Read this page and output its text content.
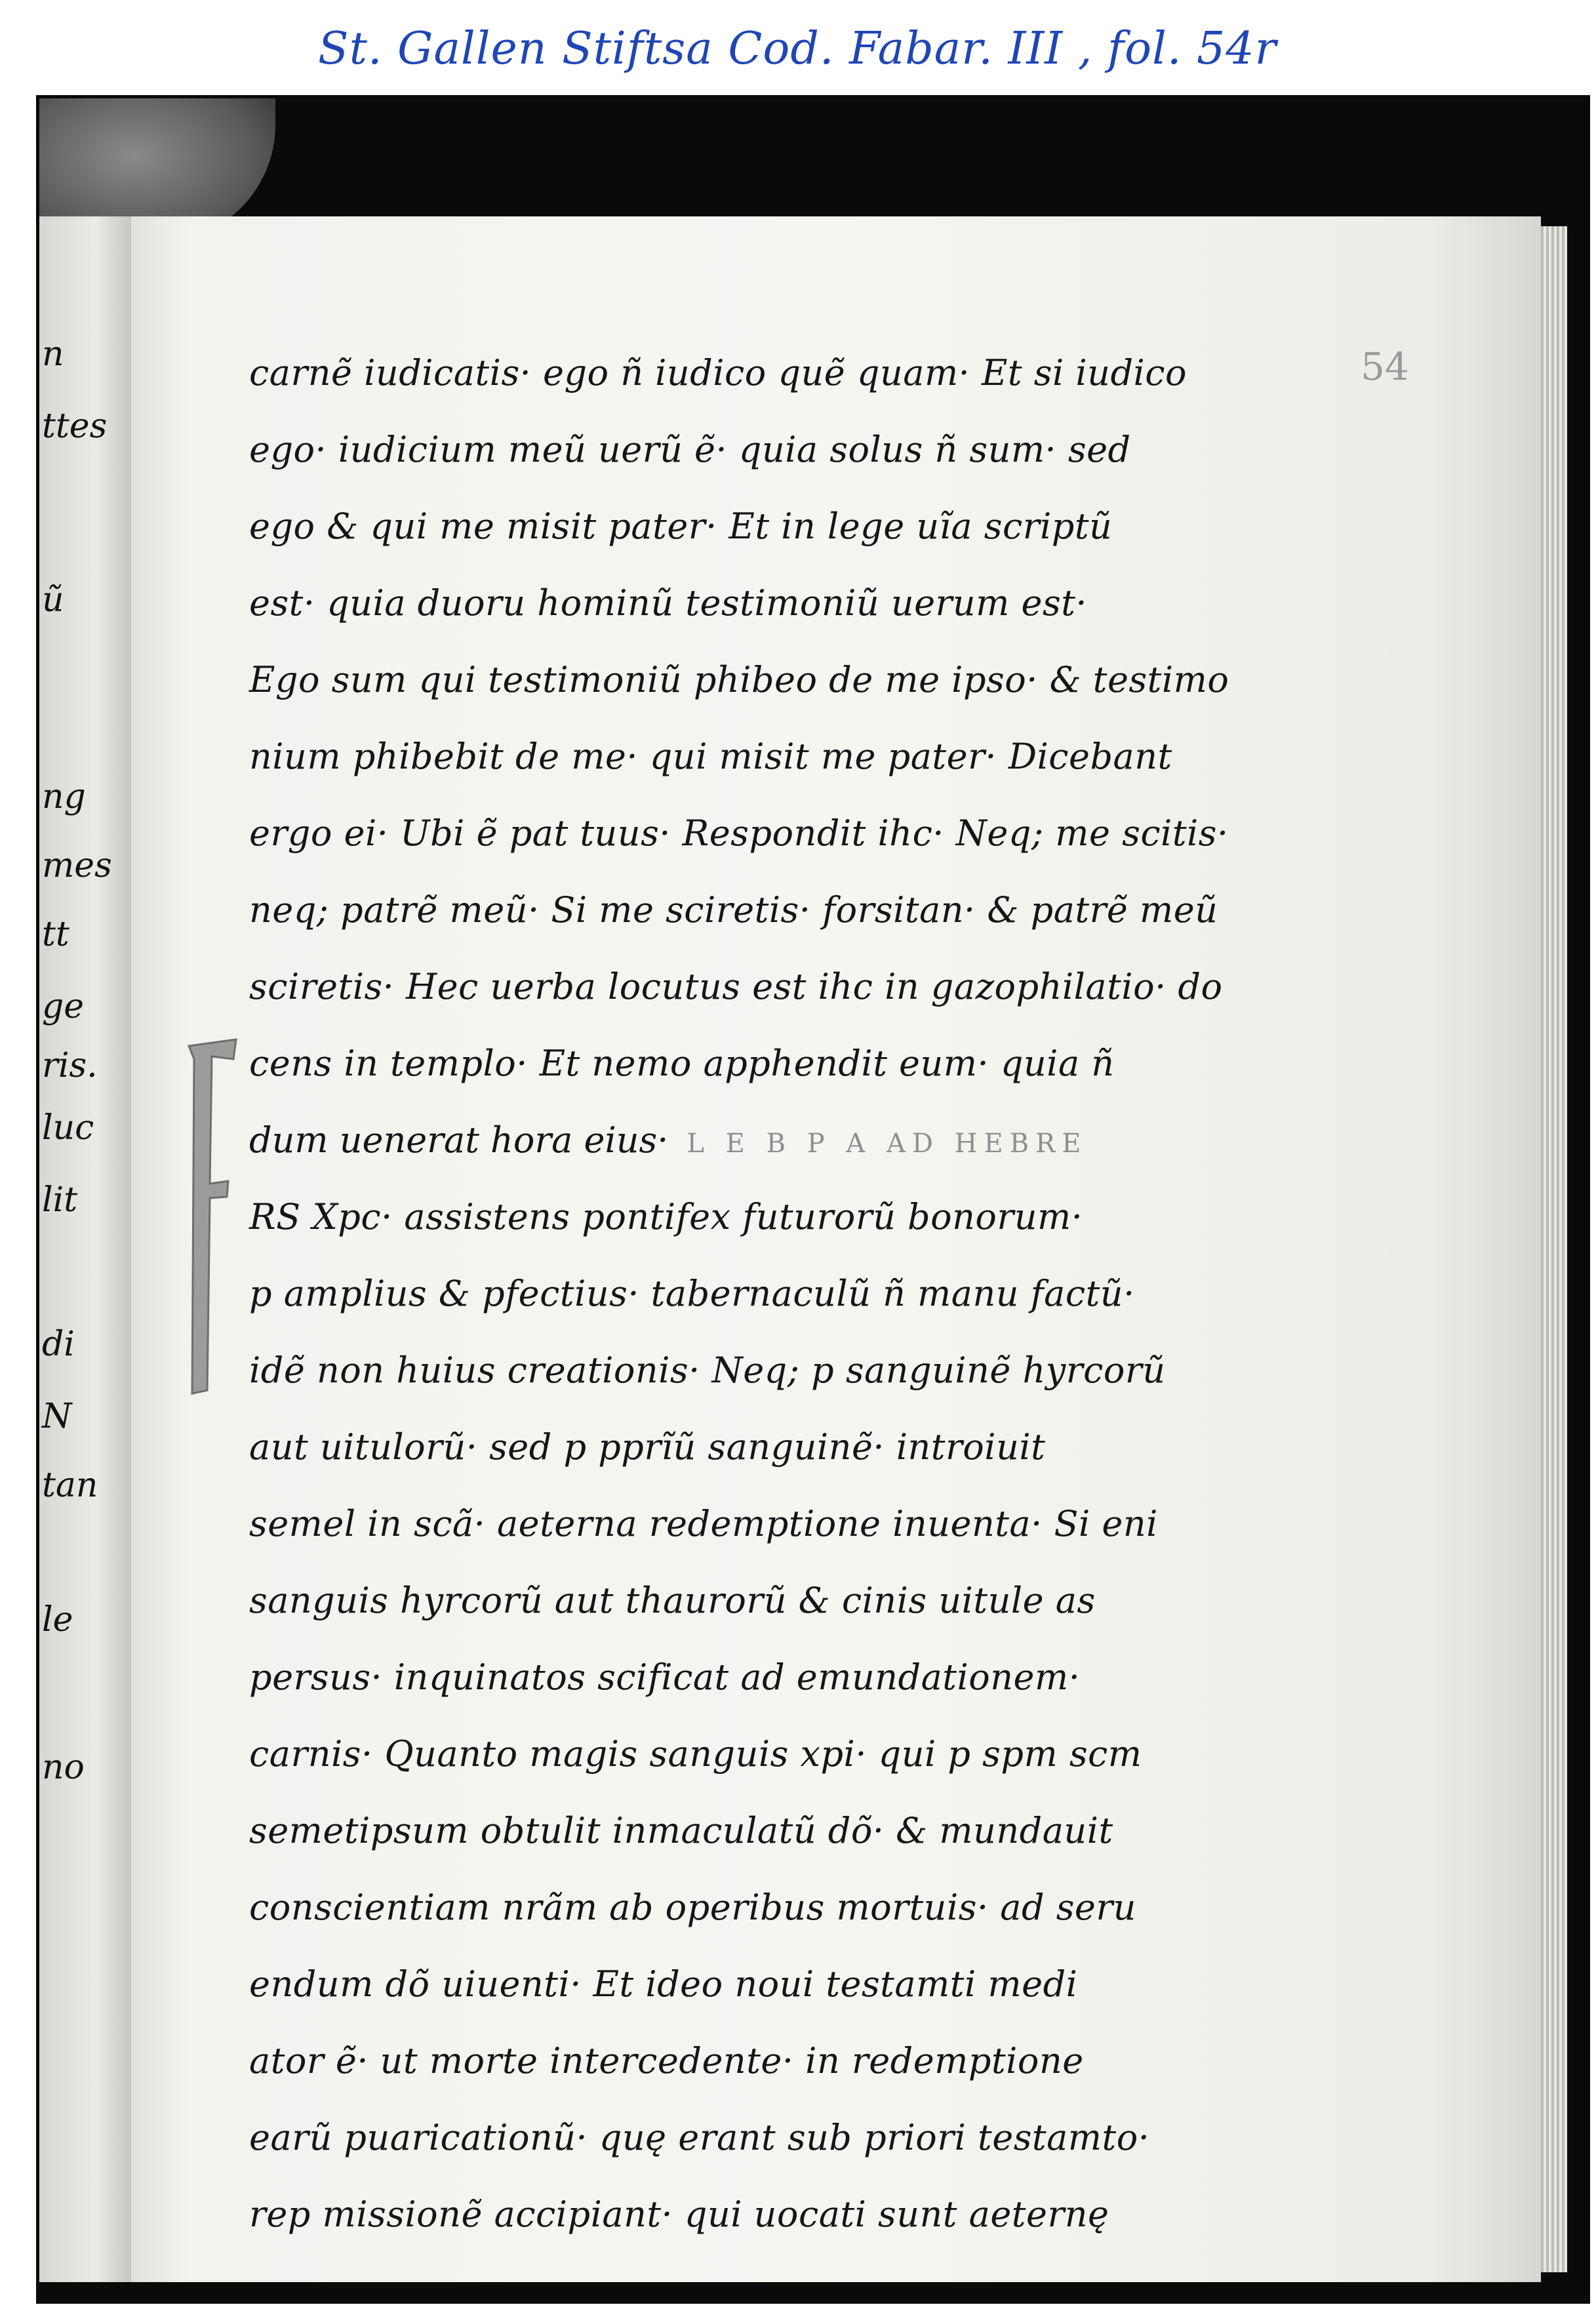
St. Gallen Stiftsa Cod. Fabar. III , fol. 54r
n
ttes
ũ
ng
mes
tt
ge
ris.
luc
lit
di
N
tan
le
no
54
carnẽ iudicatis· ego ñ iudico quẽ quam· Et si iudico
ego· iudicium meũ uerũ ẽ· quia solus ñ sum· sed
ego & qui me misit pater· Et in lege uĩa scriptũ
est· quia duoru hominũ testimoniũ uerum est·
Ego sum qui testimoniũ phibeo de me ipso· & testimo
nium phibebit de me· qui misit me pater· Dicebant
ergo ei· Ubi ẽ pat tuus· Respondit ihc· Neq; me scitis·
neq; patrẽ meũ· Si me sciretis· forsitan· & patrẽ meũ
sciretis· Hec uerba locutus est ihc in gazophilatio· do
cens in templo· Et nemo apphendit eum· quia ñ
dum uenerat hora eius· L E B P A AD HEBRE
RS Xpc· assistens pontifex futurorũ bonorum·
p amplius & pfectius· tabernaculũ ñ manu factũ·
idẽ non huius creationis· Neq; p sanguinẽ hyrcorũ
aut uitulorũ· sed p pprĩũ sanguinẽ· introiuit
semel in scã· aeterna redemptione inuenta· Si eni
sanguis hyrcorũ aut thaurorũ & cinis uitule as
persus· inquinatos scificat ad emundationem·
carnis· Quanto magis sanguis xpi· qui p spm scm
semetipsum obtulit inmaculatũ dõ· & mundauit
conscientiam nrãm ab operibus mortuis· ad seru
endum dõ uiuenti· Et ideo noui testamti medi
ator ẽ· ut morte intercedente· in redemptione
earũ puaricationũ· quę erant sub priori testamto·
rep missionẽ accipiant· qui uocati sunt aeternę
